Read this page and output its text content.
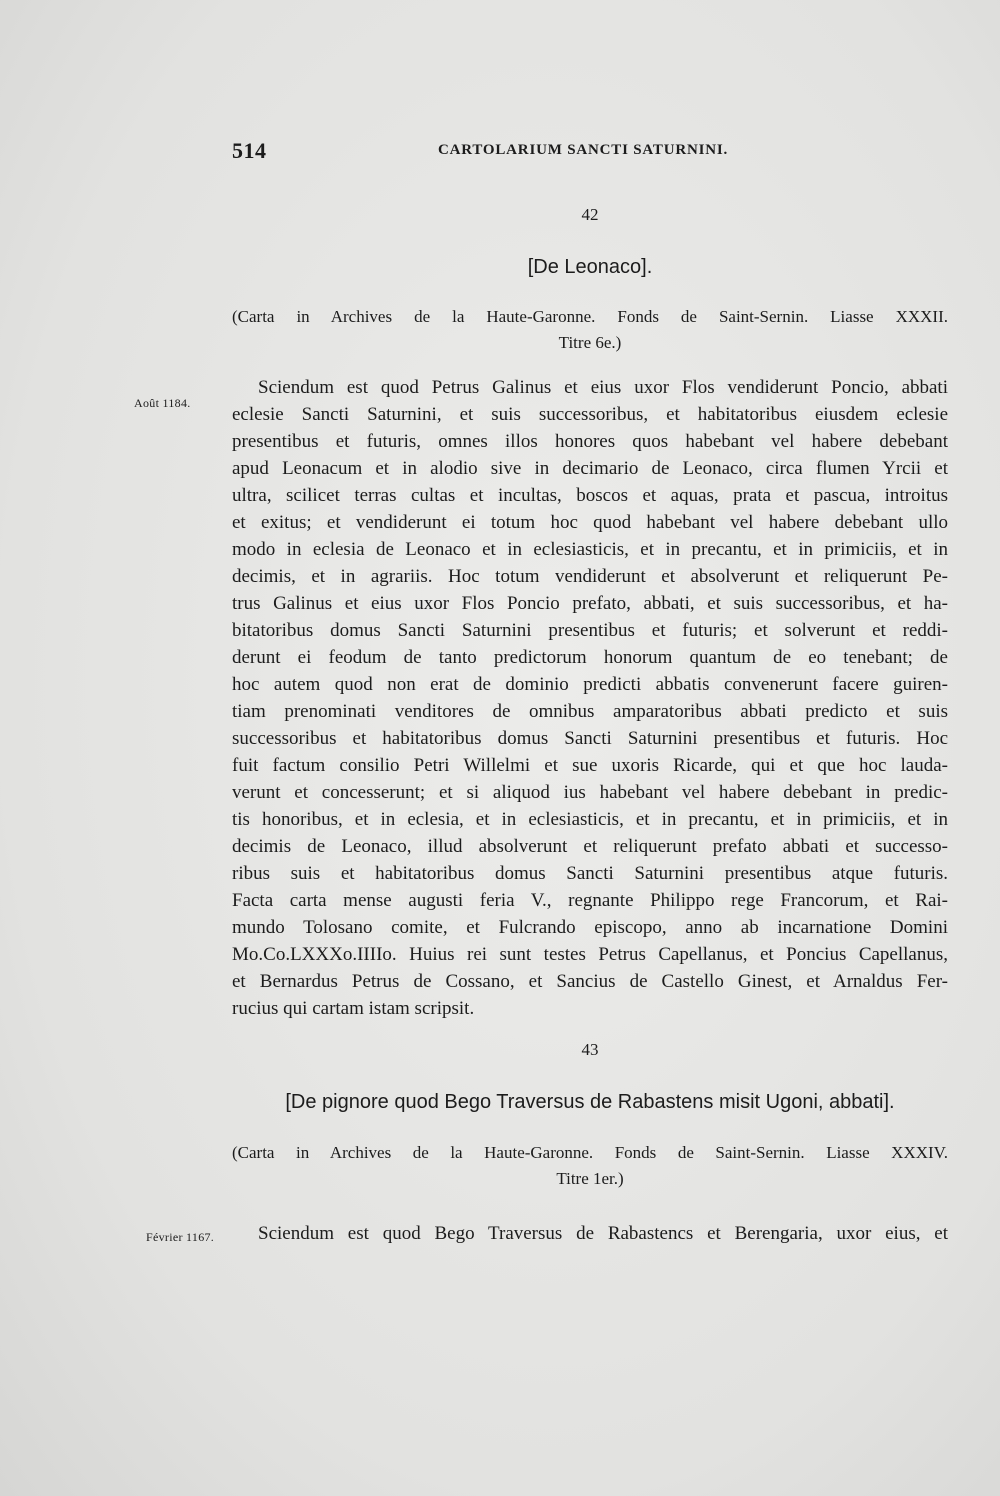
514	CARTOLARIUM SANCTI SATURNINI.
42
[De Leonaco].
(Carta in Archives de la Haute-Garonne. Fonds de Saint-Sernin. Liasse XXXII.
Titre 6e.)
Août 1184.
Sciendum est quod Petrus Galinus et eius uxor Flos vendiderunt Poncio, abbati
eclesie Sancti Saturnini, et suis successoribus, et habitatoribus eiusdem eclesie
presentibus et futuris, omnes illos honores quos habebant vel habere debebant
apud Leonacum et in alodio sive in decimario de Leonaco, circa flumen Yrcii et
ultra, scilicet terras cultas et incultas, boscos et aquas, prata et pascua, introitus
et exitus; et vendiderunt ei totum hoc quod habebant vel habere debebant ullo
modo in eclesia de Leonaco et in eclesiasticis, et in precantu, et in primiciis, et in
decimis, et in agrariis. Hoc totum vendiderunt et absolverunt et reliquerunt Pe-
trus Galinus et eius uxor Flos Poncio prefato, abbati, et suis successoribus, et ha-
bitatoribus domus Sancti Saturnini presentibus et futuris; et solverunt et reddi-
derunt ei feodum de tanto predictorum honorum quantum de eo tenebant; de
hoc autem quod non erat de dominio predicti abbatis convenerunt facere guiren-
tiam prenominati venditores de omnibus amparatoribus abbati predicto et suis
successoribus et habitatoribus domus Sancti Saturnini presentibus et futuris. Hoc
fuit factum consilio Petri Willelmi et sue uxoris Ricarde, qui et que hoc lauda-
verunt et concesserunt; et si aliquod ius habebant vel habere debebant in predic-
tis honoribus, et in eclesia, et in eclesiasticis, et in precantu, et in primiciis, et in
decimis de Leonaco, illud absolverunt et reliquerunt prefato abbati et successo-
ribus suis et habitatoribus domus Sancti Saturnini presentibus atque futuris.
Facta carta mense augusti feria V., regnante Philippo rege Francorum, et Rai-
mundo Tolosano comite, et Fulcrando episcopo, anno ab incarnatione Domini
Mo.Co.LXXXo.IIIIo. Huius rei sunt testes Petrus Capellanus, et Poncius Capellanus,
et Bernardus Petrus de Cossano, et Sancius de Castello Ginest, et Arnaldus Fer-
rucius qui cartam istam scripsit.
43
[De pignore quod Bego Traversus de Rabastens misit Ugoni, abbati].
(Carta in Archives de la Haute-Garonne. Fonds de Saint-Sernin. Liasse XXXIV.
Titre 1er.)
Février 1167.	Sciendum est quod Bego Traversus de Rabastencs et Berengaria, uxor eius, et
